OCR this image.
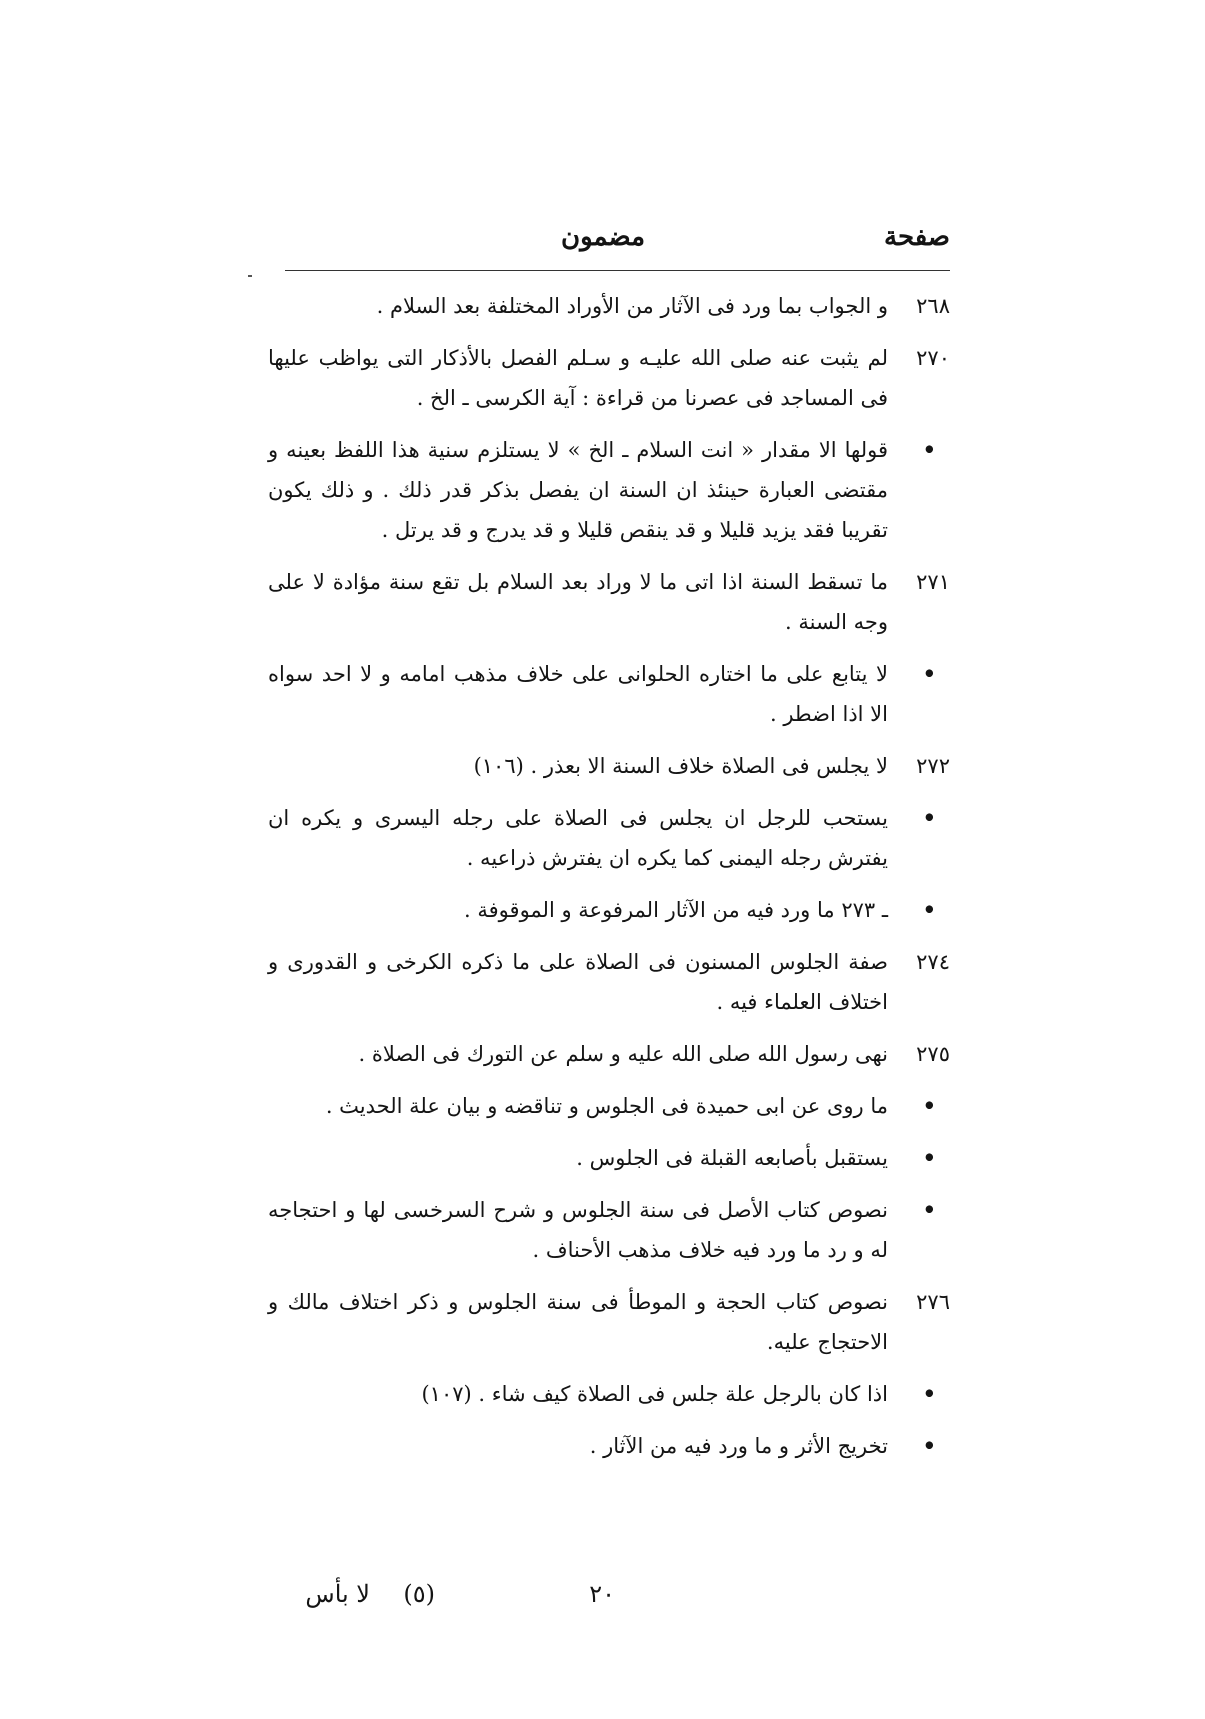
صفحة
مضمون
٢٦٨
و الجواب بما ورد فى الآثار من الأوراد المختلفة بعد السلام .
٢٧٠
لم يثبت عنه صلى الله عليـه و سـلم الفصل بالأذكار التى يواظب عليها فى المساجد فى عصرنا من قراءة : آية الكرسى ـ الخ .
•
قولها الا مقدار « انت السلام ـ الخ » لا يستلزم سنية هذا اللفظ بعينه و مقتضى العبارة حينئذ ان السنة ان يفصل بذكر قدر ذلك . و ذلك يكون تقريبا فقد يزيد قليلا و قد ينقص قليلا و قد يدرج و قد يرتل .
٢٧١
ما تسقط السنة اذا اتى ما لا وراد بعد السلام بل تقع سنة مؤادة لا على وجه السنة .
•
لا يتابع على ما اختاره الحلوانى على خلاف مذهب امامه و لا احد سواه الا اذا اضطر .
٢٧٢
لا يجلس فى الصلاة خلاف السنة الا بعذر . (١٠٦)
•
يستحب للرجل ان يجلس فى الصلاة على رجله اليسرى و يكره ان يفترش رجله اليمنى كما يكره ان يفترش ذراعيه .
•
ـ ٢٧٣ ما ورد فيه من الآثار المرفوعة و الموقوفة .
٢٧٤
صفة الجلوس المسنون فى الصلاة على ما ذكره الكرخى و القدورى و اختلاف العلماء فيه .
٢٧٥
نهى رسول الله صلى الله عليه و سلم عن التورك فى الصلاة .
•
ما روى عن ابى حميدة فى الجلوس و تناقضه و بيان علة الحديث .
•
يستقبل بأصابعه القبلة فى الجلوس .
•
نصوص كتاب الأصل فى سنة الجلوس و شرح السرخسى لها و احتجاجه له و رد ما ورد فيه خلاف مذهب الأحناف .
٢٧٦
نصوص كتاب الحجة و الموطأ فى سنة الجلوس و ذكر اختلاف مالك و الاحتجاج عليه.
•
اذا كان بالرجل علة جلس فى الصلاة كيف شاء . (١٠٧)
•
تخريج الأثر و ما ورد فيه من الآثار .
٢٠
(٥)
لا بأس
